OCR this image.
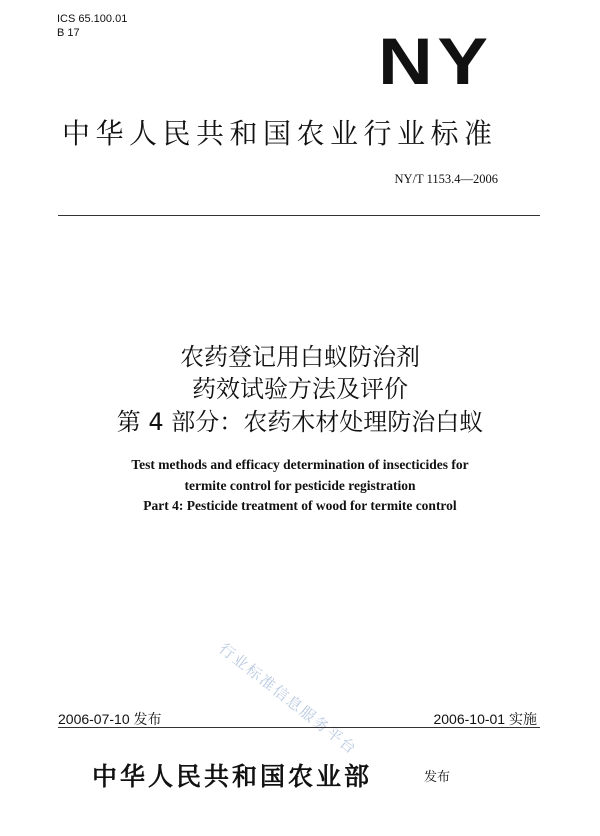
ICS 65.100.01
B 17	NY
中华人民共和国农业行业标准
NY/T 1153.4—2006
农药登记用白蚁防治剂
药效试验方法及评价
第 4 部分：农药木材处理防治白蚁
Test methods and efficacy determination of insecticides for
termite control for pesticide registration
Part 4: Pesticide treatment of wood for termite control
行业标准信息服务平台
2006-07-10 发布	2006-10-01 实施
中华人民共和国农业部	发布
